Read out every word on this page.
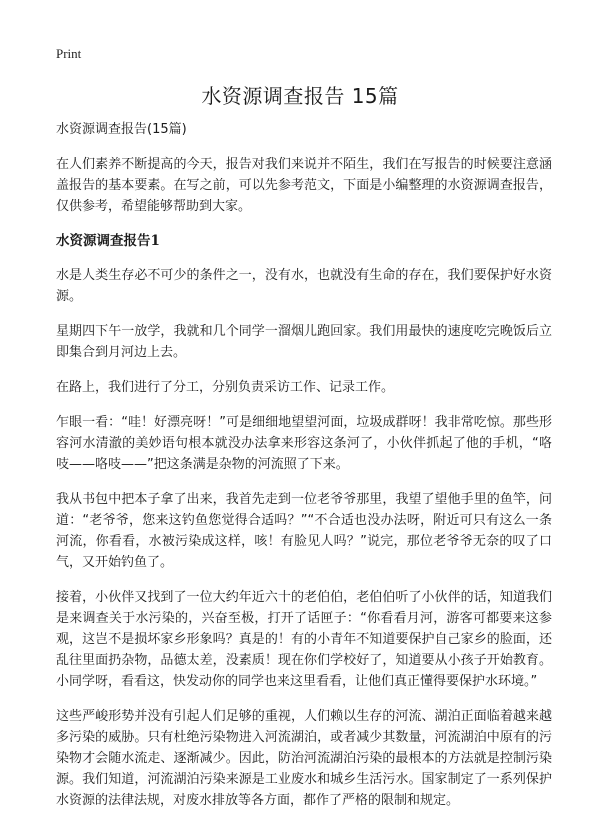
Print
水资源调查报告 15篇
水资源调查报告(15篇)

在人们素养不断提高的今天，报告对我们来说并不陌生，我们在写报告的时候要注意涵盖报告的基本要素。在写之前，可以先参考范文，下面是小编整理的水资源调查报告，仅供参考，希望能够帮助到大家。

水资源调查报告1

水是人类生存必不可少的条件之一，没有水，也就没有生命的存在，我们要保护好水资源。

星期四下午一放学，我就和几个同学一溜烟儿跑回家。我们用最快的速度吃完晚饭后立即集合到月河边上去。

在路上，我们进行了分工，分别负责采访工作、记录工作。

乍眼一看：“哇！好漂亮呀！”可是细细地望望河面，垃圾成群呀！我非常吃惊。那些形容河水清澈的美妙语句根本就没办法拿来形容这条河了，小伙伴抓起了他的手机，“咯吱——咯吱——”把这条满是杂物的河流照了下来。

我从书包中把本子拿了出来，我首先走到一位老爷爷那里，我望了望他手里的鱼竿，问道：“老爷爷，您来这钓鱼您觉得合适吗？”“不合适也没办法呀，附近可只有这么一条河流，你看看，水被污染成这样，咳！有脸见人吗？”说完，那位老爷爷无奈的叹了口气，又开始钓鱼了。

接着，小伙伴又找到了一位大约年近六十的老伯伯，老伯伯听了小伙伴的话，知道我们是来调查关于水污染的，兴奋至极，打开了话匣子：“你看看月河，游客可都要来这参观，这岂不是损坏家乡形象吗？真是的！有的小青年不知道要保护自己家乡的脸面，还乱往里面扔杂物，品德太差，没素质！现在你们学校好了，知道要从小孩子开始教育。小同学呀，看看这，快发动你的同学也来这里看看，让他们真正懂得要保护水环境。”

这些严峻形势并没有引起人们足够的重视，人们赖以生存的河流、湖泊正面临着越来越多污染的威胁。只有杜绝污染物进入河流湖泊，或者减少其数量，河流湖泊中原有的污染物才会随水流走、逐渐减少。因此，防治河流湖泊污染的最根本的方法就是控制污染源。我们知道，河流湖泊污染来源是工业废水和城乡生活污水。国家制定了一系列保护水资源的法律法规，对废水排放等各方面，都作了严格的限制和规定。
